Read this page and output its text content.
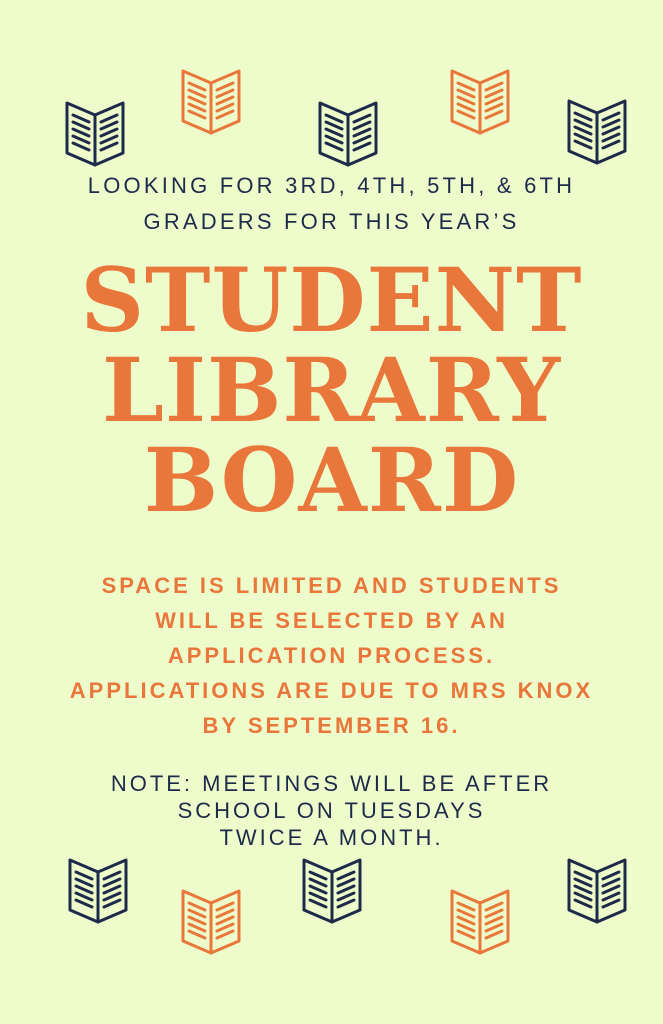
LOOKING FOR 3RD, 4TH, 5TH, & 6TH
GRADERS FOR THIS YEAR’S
STUDENT
LIBRARY
BOARD
SPACE IS LIMITED AND STUDENTS
WILL BE SELECTED BY AN
APPLICATION PROCESS.
APPLICATIONS ARE DUE TO MRS KNOX
BY SEPTEMBER 16.
NOTE: MEETINGS WILL BE AFTER
SCHOOL ON TUESDAYS
TWICE A MONTH.
